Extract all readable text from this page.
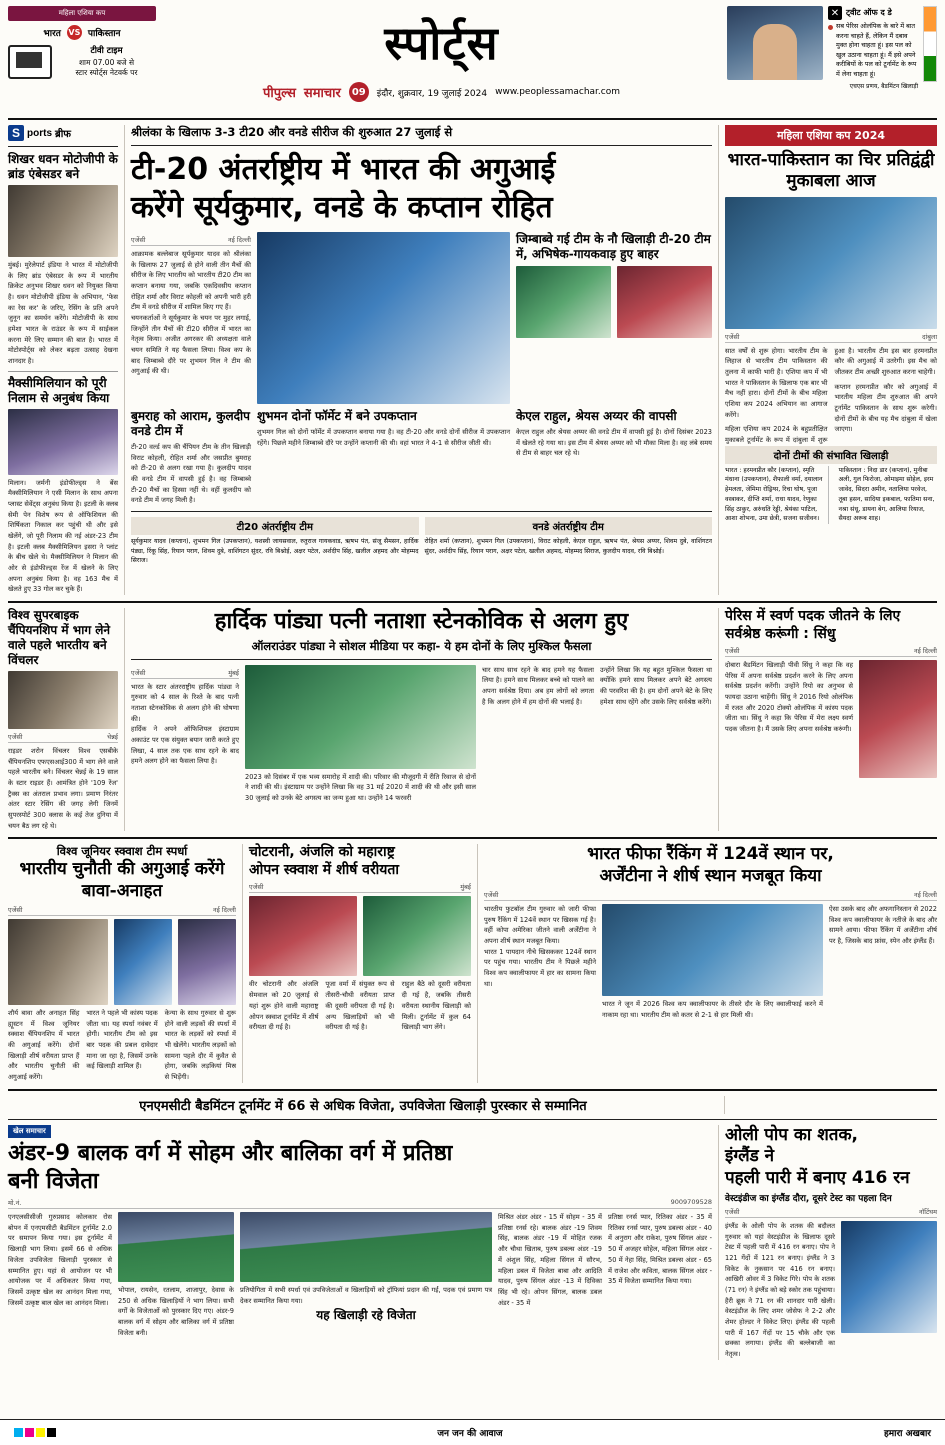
महिला एशिया कप
भारत VS पाकिस्तान
टीवी टाइम
शाम 07.00 बजे से
स्टार स्पोर्ट्स नेटवर्क पर
स्पोर्ट्स
पीपुल्स समाचार	09	इंदौर, शुक्रवार, 19 जुलाई 2024 www.peoplessamachar.com
✕ ट्वीट ऑफ द डे
सब पेरिस ओलंपिक के बारे में बात करना चाहते हैं, लेकिन मैं दबाव मुक्त होना चाहता हूं। इस पल को खुल उठाना चाहता हूं। मैं इसे अपने करीबियों के पल को टूर्नामेंट के रूप में लेना चाहता हूं।
एचएस प्रणय, बैडमिंटन खिलाड़ी
S ports ब्रीफ
शिखर धवन मोटोजीपी के ब्रांड एंबेसडर बने
मुंबई। मुरेलेपार्ट इंडिया ने भारत में मोटोजीपी के लिए ब्रांड एंबेसडर के रूप में भारतीय क्रिकेट अनुभव शिखर धवन को नियुक्त किया है। धवन मोटोजीपी इंडिया के अभियान, 'फेस का रेस कर' के जरिए, रेसिंग के प्रति अपने जुनून का समर्थन करेंगे। मोटोजीपी के साथ हमेशा भारत के राउंडर के रूप में साईकल करना मेरे लिए सम्मान की बात है। भारत में मोटोस्पोर्ट्स को लेकर बढ़ता उत्साह देखना शानदार है।
मैक्सीमिलियान को पूरी निलाम से अनुबंध किया
मिलान। जर्मनी इंडोफील्ड्स ने बेंस मैक्सीमिलियान ने एसी मिलान के साथ अपना प्लास्ट सेवेंट्स अनुबंध किया है। इटली के क्लब सेमी पेन विशेष रूप से ऑफिशियल की शिर्षिकता निकाल कर पहुंची थी और इसे खेलेंगे, जो पूरी निलाम की नई अंडर-23 टीम है। इटली क्लब मैक्सीमिलियन इसरा ने प्लांट के बीच खेले थे। मैक्सीमिलियन ने मिलान की ओर से इंडोफील्ड्स रेंज में खेलने के लिए अपना अनुबंध किया है। वह 163 मैच में खेलते हुए 33 गोल कर चुके हैं।
श्रीलंका के खिलाफ 3-3 टी20 और वनडे सीरीज की शुरुआत 27 जुलाई से
टी-20 अंतर्राष्ट्रीय में भारत की अगुआई
करेंगे सूर्यकुमार, वनडे के कप्तान रोहित
एजेंसी	नई दिल्ली
आक्रामक बल्लेबाज सूर्यकुमार यादव को श्रीलंका के खिलाफ 27 जुलाई से होने वाली तीन मैचों की सीरीज के लिए भारतीय को भारतीय टी20 टीम का कप्तान बनाया गया, जबकि एकदिवसीय कप्तान रोहित शर्मा और विराट कोहली को अपनी भारी हरी टीम में वनडे सीरीज में शामिल किए गए हैं।
चयनकर्ताओं ने सूर्यकुमार के चयन पर मुहर लगाई, जिन्होंने तीन मैचों की टी20 सीरीज में भारत का नेतृत्व किया। अजीत अगरकर की अध्यक्षता वाले चयन समिति ने यह फैसला लिया। विश्व कप के बाद जिम्बाब्वे दौरे पर शुभमन गिल ने टीम की अगुआई की थी।
जिम्बाब्वे गई टीम के नौ खिलाड़ी टी-20 टीम में, अभिषेक-गायकवाड़ हुए बाहर
बुमराह को आराम, कुलदीप वनडे टीम में
टी-20 वर्ल्ड कप की चैंपियन टीम के तीन खिलाड़ी विराट कोहली, रोहित शर्मा और जसप्रीत बुमराह को टी-20 से अलग रखा गया है। कुलदीप यादव की वनडे टीम में वापसी हुई है। वह जिम्बाब्वे टी-20 मैचों का हिस्सा नहीं थे। वहीं कुलदीप को वनडे टीम में जगह मिली है।
शुभमन दोनों फॉर्मेट में बने उपकप्तान
शुभमन गिल को दोनों फॉर्मेट में उपकप्तान बनाया गया है। वह टी-20 और वनडे दोनों सीरीज में उपकप्तान रहेंगे। पिछले महीने जिम्बाब्वे दौरे पर उन्होंने कप्तानी की थी। वहां भारत ने 4-1 से सीरीज जीती थी।
केएल राहुल, श्रेयस अय्यर की वापसी
केएल राहुल और श्रेयस अय्यर की वनडे टीम में वापसी हुई है। दोनों दिसंबर 2023 में खेलते रहे गया था। इस टीम में श्रेयस अय्यर को भी मौका मिला है। वह लंबे समय से टीम से बाहर चल रहे थे।
टी20 अंतर्राष्ट्रीय टीम
सूर्यकुमार यादव (कप्तान), शुभमन गिल (उपकप्तान), यशस्वी जायसवाल, रुतुराज गायकवाड, ऋषभ पंत, संजू सैमसन, हार्दिक पंड्या, रिंकू सिंह, रियान पराग, शिवम दुबे, वाशिंगटन सुंदर, रवि बिश्नोई, अक्षर पटेल, अर्शदीप सिंह, खलील अहमद और मोहम्मद सिराज।
वनडे अंतर्राष्ट्रीय टीम
रोहित शर्मा (कप्तान), शुभमन गिल (उपकप्तान), विराट कोहली, केएल राहुल, ऋषभ पंत, श्रेयस अय्यर, शिवम दुबे, वाशिंगटन सुंदर, अर्शदीप सिंह, रियान पराग, अक्षर पटेल, खलील अहमद, मोहम्मद सिराज, कुलदीप यादव, रवि बिश्नोई।
महिला एशिया कप 2024
भारत-पाकिस्तान का चिर प्रतिद्वंद्वी मुकाबला आज
एजेंसी	दांबुला

सात वर्षों से शुरू होगा। भारतीय टीम के लिहाज से भारतीय टीम पाकिस्तान की तुलना में काफी भारी है। एशिया कप में भी भारत ने पाकिस्तान के खिलाफ एक बार भी मैच नहीं हारा। दोनों टीमों के बीच महिला एशिया कप 2024 अभियान का आगाज करेंगे।

महिला एशिया कप 2024 के बहुप्रतीक्षित मुकाबले टूर्नामेंट के रूप में दांबुला में शुरू हुआ है। भारतीय टीम इस बार हरमनप्रीत कौर की अगुआई में उतरेगी। इस मैच को जीतकर टीम अच्छी शुरुआत करना चाहेगी।

कप्तान हरमनप्रीत कौर को अगुआई में भारतीय महिला टीम शुरुआत की अपने टूर्नामेंट पाकिस्तान के साथ शुरू करेगी। दोनों टीमों के बीच यह मैच दांबुला में खेला जाएगा।

दोनों टीमों की संभावित खिलाड़ी
भारत : हरमनप्रीत कौर (कप्तान), स्मृति मंधाना (उपकप्तान), शैफाली वर्मा, दयालान हेमलता, जेमिमा रोड्रिग्स, रिचा घोष, पूजा वस्त्राकर, दीप्ति शर्मा, राधा यादव, रेणुका सिंह ठाकुर, अरुंधति रेड्डी, श्रेयंका पाटिल, आशा शोभना, उमा छेत्री, सजना सजीवन।
पाकिस्तान : निदा डार (कप्तान), मुनीबा अली, गुल फिरोजा, ओमाइमा सोहेल, इरम जावेद, सिदरा अमीन, नतालिया परवेज, तूबा हसन, सादिया इकबाल, फातिमा सना, नश्रा संधू, डायना बेग, आलिया रियाज, सैयदा अरूब शाह।
विश्व सुपरबाइक चैंपियनशिप में भाग लेने वाले पहले भारतीय बने विंचलर
एजेंसी	चेन्नई
राइडर शरोन विंचलर विश्व एसबीके चैंपियनशिप एफएसआई300 में भाग लेने वाले पहले भारतीय बने। विंचलर चेन्नई के 19 साल के स्टार राइडर हैं। आमंत्रित होने '109 रेंज' ट्रैक्स का अंतराल प्रभाव लगा। प्रमाण निरंतर अंतर स्टार रेसिंग की जगह लेगी जिनमें सुपरस्पोर्ट 300 क्लास के कई तेज दुनिया में चयन बैठ लग रहे थे।
हार्दिक पांड्या पत्नी नताशा स्टेनकोविक से अलग हुए
ऑलराउंडर पांड्या ने सोशल मीडिया पर कहा- ये हम दोनों के लिए मुश्किल फैसला
एजेंसी	मुंबई
भारत के स्टार अंतरराष्ट्रीय हार्दिक पांड्या ने गुरुवार को 4 साल के रिश्ते के बाद पत्नी नताशा स्टेनकोविक से अलग होने की घोषणा की।
हार्दिक ने अपने ऑफिशियल इंस्टाग्राम अकाउंट पर एक संयुक्त बयान जारी करते हुए लिखा, 4 साल तक एक साथ रहने के बाद हमने अलग होने का फैसला लिया है।
2023 को दिसंबर में एक भव्य समारोह में शादी की। परिवार की मौजूदगी में रीति रिवाज से दोनों ने शादी की थी। इंस्टाग्राम पर उन्होंने लिखा कि वह 31 मई 2020 में शादी की थी और इसी साल 30 जुलाई को उनके बेटे अगस्त्य का जन्म हुआ था। उन्होंने 14 फरवरी
चार साथ साथ रहने के बाद हमने यह फैसला लिया है। हमने साथ मिलकर बच्चे को पालने का अपना सर्वश्रेष्ठ दिया। अब हम लोगों को लगता है कि अलग होने में हम दोनों की भलाई है।
उन्होंने लिखा कि यह बहुत मुश्किल फैसला था क्योंकि हमने साथ मिलकर अपने बेटे अगस्त्य की परवरिश की है। हम दोनों अपने बेटे के लिए हमेशा साथ रहेंगे और उसके लिए सर्वश्रेष्ठ करेंगे।
पेरिस में स्वर्ण पदक जीतने के लिए सर्वश्रेष्ठ करूंगी : सिंधु
एजेंसी	नई दिल्ली
दोबारा बैडमिंटन खिलाड़ी पीवी सिंधु ने कहा कि वह पेरिस में अपना सर्वश्रेष्ठ प्रदर्शन करने के लिए अपना सर्वश्रेष्ठ प्रदर्शन करेंगी। उन्होंने रियो का अनुभव से फायदा उठाना चाहेंगी। सिंधु ने 2016 रियो ओलंपिक में रजत और 2020 टोक्यो ओलंपिक में कांस्य पदक जीता था। सिंधु ने कहा कि पेरिस में मेरा लक्ष्य स्वर्ण पदक जीतना है। मैं उसके लिए अपना सर्वश्रेष्ठ करूंगी।
विश्व जूनियर स्क्वाश टीम स्पर्धा
भारतीय चुनौती की अगुआई करेंगे बावा-अनाहत
एजेंसी	नई दिल्ली

शौर्य बावा और अनाहत सिंह ह्यूस्टन में विश्व जूनियर स्क्वाश चैंपियनशिप में भारत की अगुआई करेंगे। दोनों खिलाड़ी शीर्ष वरीयता प्राप्त हैं और भारतीय चुनौती की अगुआई करेंगे।

भारत ने पहले भी कांस्य पदक जीता था। यह स्पर्धा नवंबर में होगी। भारतीय टीम को इस बार पदक की प्रबल दावेदार माना जा रहा है, जिसमें उनके कई खिलाड़ी शामिल हैं।

केन्या के साथ गुरुवार से शुरू होने वाली लड़कों की स्पर्धा में भारत के लड़कों को स्पर्धा में भी खेलेंगे। भारतीय लड़कों को सामना पहले दौर में कुवैत से होगा, जबकि लड़कियां मिस्र से भिड़ेंगी।

चोटरानी, अंजलि को महाराष्ट्र
ओपन स्क्वाश में शीर्ष वरीयता
एजेंसी	मुंबई

वीर चोटरानी और अंजलि सेमवाल को 20 जुलाई से यहां शुरू होने वाली महाराष्ट्र ओपन स्क्वाश टूर्नामेंट में शीर्ष वरीयता दी गई है।

पूजा वर्मा में संयुक्त रूप से तीसरी-चौथी वरीयता प्राप्त की दूसरी वरीयता दी गई है। अन्य खिलाड़ियों को भी वरीयता दी गई है।

राहुल बैठे को दूसरी वरीयता दी गई है, जबकि तीसरी वरीयता स्थानीय खिलाड़ी को मिली। टूर्नामेंट में कुल 64 खिलाड़ी भाग लेंगे।

भारत फीफा रैंकिंग में 124वें स्थान पर,
अर्जेंटीना ने शीर्ष स्थान मजबूत किया
एजेंसी	नई दिल्ली
भारतीय फुटबॉल टीम गुरुवार को जारी फीफा पुरुष रैंकिंग में 124वें स्थान पर खिसक गई है। वहीं कोपा अमेरिका जीतने वाली अर्जेंटीना ने अपना शीर्ष स्थान मजबूत किया।
भारत 1 पायदान नीचे खिसककर 124वें स्थान पर पहुंच गया। भारतीय टीम ने पिछले महीने विश्व कप क्वालीफायर में हार का सामना किया था।
भारत ने जून में 2026 विश्व कप क्वालीफायर के तीसरे दौर के लिए क्वालीफाई करने में नाकाम रहा था। भारतीय टीम को कतर से 2-1 से हार मिली थी।
ऐसा उसके बाद और अफगानिस्तान से 2022 विश्व कप क्वालीफायर के नतीजे के बाद और सामने आया। फीफा रैंकिंग में अर्जेंटीना शीर्ष पर है, जिसके बाद फ्रांस, स्पेन और इंग्लैंड हैं।
एनएमसीटी बैडमिंटन टूर्नामेंट में 66 से अधिक विजेता, उपविजेता खिलाड़ी पुरस्कार से सम्मानित
खेल समाचार
अंडर-9 बालक वर्ग में सोहम और बालिका वर्ग में प्रतिष्ठा
बनी विजेता
मो.नं.	9009709528
एनएलसीसीजी गुरुप्रसाद कोलकार रोस बोपन में एनएमसीटी बैडमिंटन टूर्नामेंट 2.0 पर समापन किया गया। इस टूर्नामेंट में खिलाड़ी भाग लिया। इसमें 66 से अधिक विजेता उपविजेता खिलाड़ी पुरस्कार से सम्मानित हुए। यहां से आयोजन पर भी आयोजक पर में अधिकतर किया गया, जिसमें उत्कृष्ट खेल का आनंदन मिला गया, जिसमें उत्कृष्ट बाल खेल का आनंदन मिला।
भोपाल, रायसेन, रतलाम, शाजापुर, देवास के 250 से अधिक खिलाड़ियों ने भाग लिया। सभी वर्गों के विजेताओं को पुरस्कार दिए गए। अंडर-9 बालक वर्ग में सोहम और बालिका वर्ग में प्रतिष्ठा विजेता बनी।
प्रतियोगिता में सभी स्पर्धा एवं उपविजेताओं व खिलाड़ियों को ट्रॉफियां प्रदान की गईं, पदक एवं प्रमाण पत्र देकर सम्मानित किया गया।
यह खिलाड़ी रहे विजेता
मिश्रित अंडर अंडर - 15 में सोहम - 35 में प्रतिष्ठा रनर्स रहे। बालक अंडर -19 शिवम सिंह, बालक अंडर -19 में मोहित रजक और चौथा खिताब, पुरुष डबल्स अंडर -19 में अंशुल सिंह, महिला सिंगल में सौरभ, महिला डबल में विजेता बाबा और आदिति यादव, पुरुष सिंगल अंडर -13 में दिविका सिंह भी रहे। ओपन सिंगल, बालक डबल अंडर - 35 में
प्रतिष्ठा रनर्स प्यार, रितिका अंडर - 35 में रितिका रनर्स प्यार, पुरुष डबल्स अंडर - 40 में अनुराग और राकेश, पुरुष सिंगल अंडर - 50 में अजहर सोहेल, महिला सिंगल अंडर - 50 में नेहा सिंह, मिश्रित डबल्स अंडर - 65 में राजेश और कविता, बालक सिंगल अंडर - 35 में विजेता सम्मानित किया गया।
ओली पोप का शतक,
इंग्लैंड ने
पहली पारी में बनाए 416 रन
वेस्टइंडीज का इंग्लैंड दौरा, दूसरे टेस्ट का पहला दिन
एजेंसी	नॉटिंघम
इंग्लैंड के ओली पोप के शतक की बदौलत गुरुवार को यहां वेस्टइंडीज के खिलाफ दूसरे टेस्ट में पहली पारी में 416 रन बनाए। पोप ने 121 गेंदों में 121 रन बनाए। इंग्लैंड ने 3 विकेट के नुकसान पर 416 रन बनाए। आखिरी ओवर में 3 विकेट गिरे। पोप के शतक (71 रन) ने इंग्लैंड को बड़े स्कोर तक पहुंचाया। हैरी ब्रूक ने 71 रन की शानदार पारी खेली। वेस्टइंडीज के लिए शमर जोसेफ ने 2-2 और शेमर होल्डर ने विकेट लिए। इंग्लैंड की पहली पारी में 167 गेंदों पर 15 चौके और एक छक्का लगाया। इंग्लैंड की बल्लेबाजी का नेतृत्व।
जन जन की आवाज	हमारा अखबार
